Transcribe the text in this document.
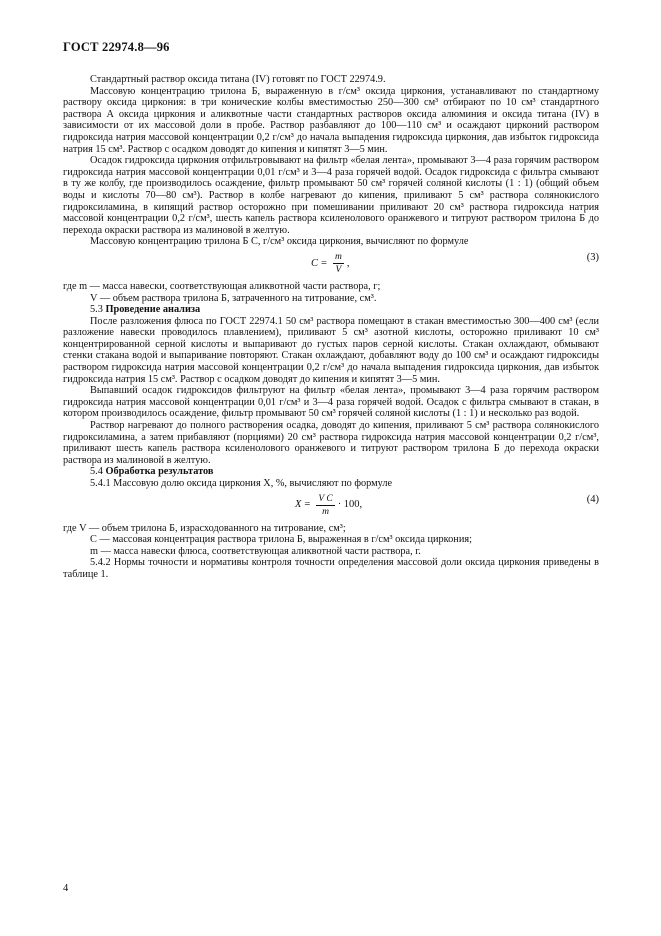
ГОСТ 22974.8—96

Стандартный раствор оксида титана (IV) готовят по ГОСТ 22974.9.

Массовую концентрацию трилона Б, выраженную в г/см³ оксида циркония, устанавливают по стандартному раствору оксида циркония: в три конические колбы вместимостью 250—300 см³ отбирают по 10 см³ стандартного раствора А оксида циркония и аликвотные части стандартных растворов оксида алюминия и оксида титана (IV) в зависимости от их массовой доли в пробе. Раствор разбавляют до 100—110 см³ и осаждают цирконий раствором гидроксида натрия массовой концентрации 0,2 г/см³ до начала выпадения гидроксида циркония, дав избыток гидроксида натрия 15 см³. Раствор с осадком доводят до кипения и кипятят 3—5 мин.

Осадок гидроксида циркония отфильтровывают на фильтр «белая лента», промывают 3—4 раза горячим раствором гидроксида натрия массовой концентрации 0,01 г/см³ и 3—4 раза горячей водой. Осадок гидроксида с фильтра смывают в ту же колбу, где производилось осаждение, фильтр промывают 50 см³ горячей соляной кислоты (1 : 1) (общий объем воды и кислоты 70—80 см³). Раствор в колбе нагревают до кипения, приливают 5 см³ раствора солянокислого гидроксиламина, в кипящий раствор осторожно при помешивании приливают 20 см³ раствора гидроксида натрия массовой концентрации 0,2 г/см³, шесть капель раствора ксиленолового оранжевого и титруют раствором трилона Б до перехода окраски раствора из малиновой в желтую.

Массовую концентрацию трилона Б С, г/см³ оксида циркония, вычисляют по формуле

$C = \frac{m}{V}$ ,
(3)

где m — масса навески, соответствующая аликвотной части раствора, г;

V — объем раствора трилона Б, затраченного на титрование, см³.

5.3 Проведение анализа

После разложения флюса по ГОСТ 22974.1 50 см³ раствора помещают в стакан вместимостью 300—400 см³ (если разложение навески проводилось плавлением), приливают 5 см³ азотной кислоты, осторожно приливают 10 см³ концентрированной серной кислоты и выпаривают до густых паров серной кислоты. Стакан охлаждают, обмывают стенки стакана водой и выпаривание повторяют. Стакан охлаждают, добавляют воду до 100 см³ и осаждают гидроксиды раствором гидроксида натрия массовой концентрации 0,2 г/см³ до начала выпадения гидроксида циркония, дав избыток гидроксида натрия 15 см³. Раствор с осадком доводят до кипения и кипятят 3—5 мин.

Выпавший осадок гидроксидов фильтруют на фильтр «белая лента», промывают 3—4 раза горячим раствором гидроксида натрия массовой концентрации 0,01 г/см³ и 3—4 раза горячей водой. Осадок с фильтра смывают в стакан, в котором производилось осаждение, фильтр промывают 50 см³ горячей соляной кислоты (1 : 1) и несколько раз водой.

Раствор нагревают до полного растворения осадка, доводят до кипения, приливают 5 см³ раствора солянокислого гидроксиламина, а затем прибавляют (порциями) 20 см³ раствора гидроксида натрия массовой концентрации 0,2 г/см³, приливают шесть капель раствора ксиленолового оранжевого и титруют раствором трилона Б до перехода окраски раствора из малиновой в желтую.

5.4 Обработка результатов

5.4.1 Массовую долю оксида циркония X, %, вычисляют по формуле

$X = \frac{\text{V C}}{m} \cdot 100$,
(4)

где V — объем трилона Б, израсходованного на титрование, см³;

C — массовая концентрация раствора трилона Б, выраженная в г/см³ оксида циркония;

m — масса навески флюса, соответствующая аликвотной части раствора, г.

5.4.2 Нормы точности и нормативы контроля точности определения массовой доли оксида циркония приведены в таблице 1.

4
